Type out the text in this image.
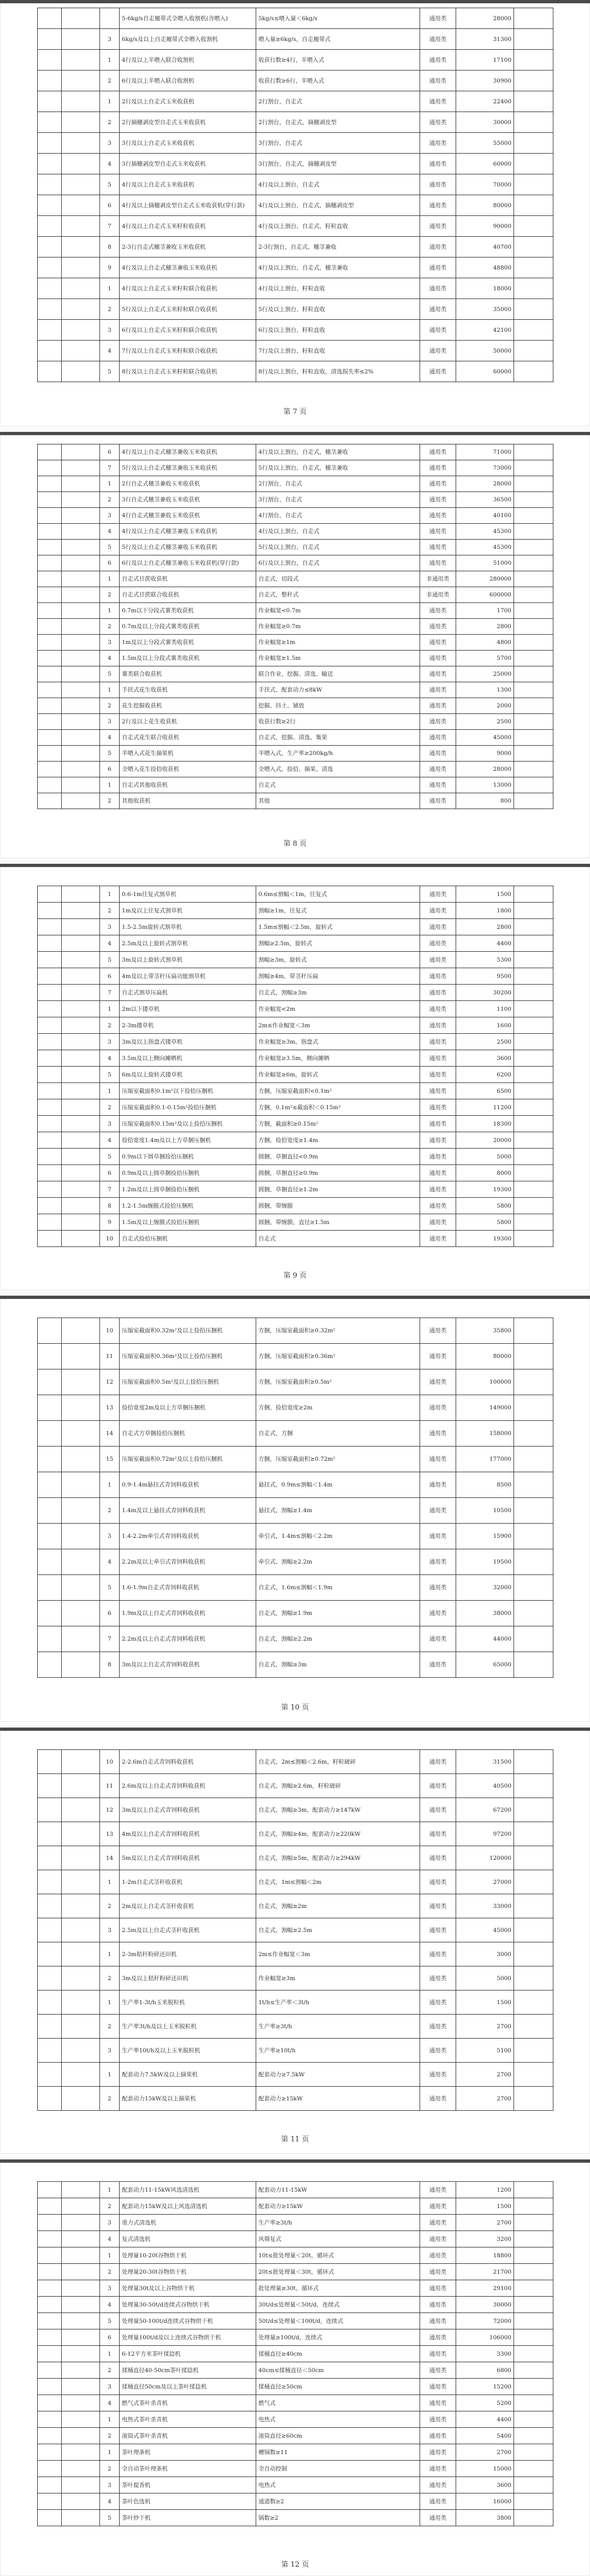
			5-6kg/s自走履带式全喂入收割机(含喂入)	5kg/s≤喂入量＜6kg/s	通用类	28000	
		3	6kg/s及以上自走履带式全喂入收割机	喂入量≥6kg/s，自走履带式	通用类	31300	
		1	4行及以上半喂入联合收割机	收获行数≥4行，半喂入式	通用类	17100	
		2	6行及以上半喂入联合收割机	收获行数≥6行，半喂入式	通用类	30900	
		1	2行及以上自走式玉米收获机	2行割台，自走式	通用类	22400	
		2	2行摘穗剥皮型自走式玉米收获机	2行割台，自走式，摘穗剥皮型	通用类	30000	
		3	3行及以上自走式玉米收获机	3行割台，自走式	通用类	55000	
		4	3行摘穗剥皮型自走式玉米收获机	3行割台，自走式，摘穗剥皮型	通用类	60000	
		5	4行及以上自走式玉米收获机	4行及以上割台，自走式	通用类	70000	
		6	4行及以上摘穗剥皮型自走式玉米收获机(穿行款)	4行及以上割台，自走式，摘穗剥皮型	通用类	80000	
		7	4行及以上自走式玉米籽粒收获机	4行及以上割台，自走式，籽粒直收	通用类	90000	
		8	2-3行自走式穗茎兼收玉米收获机	2-3行割台，自走式，穗茎兼收	通用类	40700	
		9	4行及以上自走式穗茎兼收玉米收获机	4行及以上割台，自走式，穗茎兼收	通用类	48800	
		1	4行及以上自走式玉米籽粒联合收获机	4行及以上割台，籽粒直收	通用类	18000	
		2	5行及以上自走式玉米籽粒联合收获机	5行及以上割台，籽粒直收	通用类	35000	
		3	6行及以上自走式玉米籽粒联合收获机	6行及以上割台，籽粒直收	通用类	42100	
		4	7行及以上自走式玉米籽粒联合收获机	7行及以上割台，籽粒直收	通用类	50000	
		5	8行及以上自走式玉米籽粒联合收获机	8行及以上割台，籽粒直收，清选损失率≤2%	通用类	60000	
第 7 页
		6	4行及以上自走式穗茎兼收玉米收获机	4行及以上割台，自走式，穗茎兼收	通用类	71000	
		7	5行及以上自走式穗茎兼收玉米收获机	5行及以上割台，自走式，穗茎兼收	通用类	73000	
		1	2行自走式穗茎兼收玉米收获机	2行割台，自走式	通用类	28000	
		2	3行自走式穗茎兼收玉米收获机	3行割台，自走式	通用类	36500	
		3	4行自走式穗茎兼收玉米收获机	4行割台，自走式	通用类	40100	
		4	4行及以上自走式穗茎兼收玉米收获机	4行及以上割台，自走式	通用类	45300	
		5	5行及以上自走式穗茎兼收玉米收获机	5行及以上割台，自走式	通用类	45300	
		6	6行及以上自走式穗茎兼收玉米收获机(穿行款)	6行及以上割台，自走式	通用类	51000	
		1	自走式甘蔗收获机	自走式，切段式	非通用类	280000	
		2	自走式甘蔗联合收获机	自走式，整秆式	非通用类	600000	
		1	0.7m以下分段式薯类收获机	作业幅宽<0.7m	通用类	1700	
		2	0.7m及以上分段式薯类收获机	作业幅宽≥0.7m	通用类	2800	
		3	1m及以上分段式薯类收获机	作业幅宽≥1m	通用类	4800	
		4	1.5m及以上分段式薯类收获机	作业幅宽≥1.5m	通用类	5700	
		5	薯类联合收获机	联合作业，挖掘、清选、输送	通用类	25000	
		1	手扶式花生收获机	手扶式，配套动力≤8kW	通用类	1300	
		2	花生挖掘收获机	挖掘、抖土、铺放	通用类	2000	
		3	2行及以上花生收获机	收获行数≥2行	通用类	2500	
		4	自走式花生联合收获机	自走式，挖掘、清选、集果	通用类	45000	
		5	半喂入式花生摘果机	半喂入式，生产率≥200kg/h	通用类	9000	
		6	全喂入花生捡拾收获机	全喂入式，捡拾、摘果、清选	通用类	28000	
		1	自走式其他收获机	自走式	通用类	13000	
		2	其他收获机	其他	通用类	800	
第 8 页
		1	0.6-1m往复式割草机	0.6m≤割幅＜1m，往复式	通用类	1500	
		2	1m及以上往复式割草机	割幅≥1m，往复式	通用类	1800	
		3	1.5-2.5m旋转式割草机	1.5m≤割幅＜2.5m，旋转式	通用类	2800	
		4	2.5m及以上旋转式割草机	割幅≥2.5m，旋转式	通用类	4400	
		5	3m及以上旋转式割草机	割幅≥3m，旋转式	通用类	5300	
		6	4m及以上带茎秆压扁功能割草机	割幅≥4m，带茎秆压扁	通用类	9500	
		7	自走式割草压扁机	自走式，割幅≥3m	通用类	30200	
		1	2m以下搂草机	作业幅宽<2m	通用类	1100	
		2	2-3m搂草机	2m≤作业幅宽＜3m	通用类	1600	
		3	3m及以上指盘式搂草机	作业幅宽≥3m，指盘式	通用类	2500	
		4	3.5m及以上侧向摊晒机	作业幅宽≥3.5m，侧向摊晒	通用类	3600	
		5	6m及以上旋转式搂草机	作业幅宽≥6m，旋转式	通用类	6200	
		1	压缩室截面积0.1m²以下捡拾压捆机	方捆，压缩室截面积<0.1m²	通用类	6500	
		2	压缩室截面积0.1-0.15m²捡拾压捆机	方捆，0.1m²≤截面积＜0.15m²	通用类	11200	
		3	压缩室截面积0.15m²及以上捡拾压捆机	方捆，截面积≥0.15m²	通用类	18300	
		4	捡拾宽度1.4m及以上方草捆压捆机	方捆，捡拾宽度≥1.4m	通用类	20000	
		5	0.9m以下圆草捆捡拾压捆机	圆捆，草捆直径<0.9m	通用类	5000	
		6	0.9m及以上圆草捆捡拾压捆机	圆捆，草捆直径≥0.9m	通用类	8000	
		7	1.2m及以上圆草捆捡拾压捆机	圆捆，草捆直径≥1.2m	通用类	19300	
		8	1.2-1.5m缠膜式捡拾压捆机	圆捆，带缠膜	通用类	5800	
		9	1.5m及以上缠膜式捡拾压捆机	圆捆，带缠膜，直径≥1.5m	通用类	5800	
		10	自走式捡拾压捆机	自走式	通用类	19300	
第 9 页
		10	压缩室截面积0.32m²及以上捡拾压捆机	方捆，压缩室截面积≥0.32m²	通用类	35800	
		11	压缩室截面积0.36m²及以上捡拾压捆机	方捆，压缩室截面积≥0.36m²	通用类	80000	
		12	压缩室截面积0.5m²及以上捡拾压捆机	方捆，压缩室截面积≥0.5m²	通用类	100000	
		13	捡拾宽度2m及以上方草捆压捆机	方捆，捡拾宽度≥2m	通用类	149000	
		14	自走式方草捆捡拾压捆机	自走式，方捆	通用类	158000	
		15	压缩室截面积0.72m²及以上捡拾压捆机	方捆，压缩室截面积≥0.72m²	通用类	177000	
		1	0.9-1.4m悬挂式青饲料收获机	悬挂式，0.9m≤割幅＜1.4m	通用类	8500	
		2	1.4m及以上悬挂式青饲料收获机	悬挂式，割幅≥1.4m	通用类	10500	
		3	1.4-2.2m牵引式青饲料收获机	牵引式，1.4m≤割幅＜2.2m	通用类	15900	
		4	2.2m及以上牵引式青饲料收获机	牵引式，割幅≥2.2m	通用类	19500	
		5	1.6-1.9m自走式青饲料收获机	自走式，1.6m≤割幅＜1.9m	通用类	32000	
		6	1.9m及以上自走式青饲料收获机	自走式，割幅≥1.9m	通用类	38000	
		7	2.2m及以上自走式青饲料收获机	自走式，割幅≥2.2m	通用类	44000	
		8	3m及以上自走式青饲料收获机	自走式，割幅≥3m	通用类	65000	
第 10 页
		10	2-2.6m自走式青饲料收获机	自走式，2m≤割幅＜2.6m，籽粒破碎	通用类	31500	
		11	2.6m及以上自走式青饲料收获机	自走式，割幅≥2.6m，籽粒破碎	通用类	40500	
		12	3m及以上自走式青饲料收获机	自走式，割幅≥3m，配套动力≥147kW	通用类	67200	
		13	4m及以上自走式青饲料收获机	自走式，割幅≥4m，配套动力≥220kW	通用类	97200	
		14	5m及以上自走式青饲料收获机	自走式，割幅≥5m，配套动力≥294kW	通用类	120000	
		1	1-2m自走式茎秆收获机	自走式，1m≤割幅＜2m	通用类	27000	
		2	2m及以上自走式茎秆收获机	自走式，割幅≥2m	通用类	33000	
		3	2.5m及以上自走式茎秆收获机	自走式，割幅≥2.5m	通用类	45000	
		1	2-3m秸秆粉碎还田机	2m≤作业幅宽＜3m	通用类	3000	
		2	3m及以上秸秆粉碎还田机	作业幅宽≥3m	通用类	5000	
		1	生产率1-3t/h玉米脱粒机	1t/h≤生产率＜3t/h	通用类	1500	
		2	生产率3t/h及以上玉米脱粒机	生产率≥3t/h	通用类	2700	
		3	生产率10t/h及以上玉米脱粒机	生产率≥10t/h	通用类	5100	
		1	配套动力7.5kW及以上摘果机	配套动力≥7.5kW	通用类	2700	
		2	配套动力15kW及以上摘果机	配套动力≥15kW	通用类	2700	
第 11 页
		1	配套动力11-15kW风选清选机	配套动力11-15kW	通用类	1200	
		2	配套动力15kW及以上风选清选机	配套动力≥15kW	通用类	1500	
		3	重力式清选机	生产率≥3t/h	通用类	2700	
		4	复式清选机	风筛复式	通用类	3200	
		1	处理量10-20t谷物烘干机	10t≤批处理量＜20t，循环式	通用类	18800	
		2	处理量20-30t谷物烘干机	20t≤批处理量＜30t，循环式	通用类	21700	
		3	处理量30t及以上谷物烘干机	批处理量≥30t，循环式	通用类	29100	
		4	处理量30-50t/d连续式谷物烘干机	30t/d≤处理量＜50t/d，连续式	通用类	30000	
		5	处理量50-100t/d连续式谷物烘干机	50t/d≤处理量＜100t/d，连续式	通用类	72000	
		6	处理量100t/d及以上连续式谷物烘干机	处理量≥100t/d，连续式	通用类	106000	
		1	6-12平方米茶叶揉捻机	揉桶直径≥40cm	通用类	3300	
		2	揉桶直径40-50cm茶叶揉捻机	40cm≤揉桶直径＜50cm	通用类	6800	
		3	揉桶直径50cm及以上茶叶揉捻机	揉桶直径≥50cm	通用类	15200	
		4	燃气式茶叶杀青机	燃气式	通用类	5200	
		1	电热式茶叶杀青机	电热式	通用类	4400	
		2	滚筒式茶叶杀青机	滚筒直径≥60cm	通用类	5400	
		1	茶叶理条机	槽锅数≥11	通用类	2700	
		2	全自动茶叶理条机	全自动控制	通用类	15000	
		3	茶叶提香机	电热式	通用类	3600	
		4	茶叶色选机	通道数≥2	通用类	16000	
		5	茶叶炒干机	锅数≥2	通用类	3800	
第 12 页
